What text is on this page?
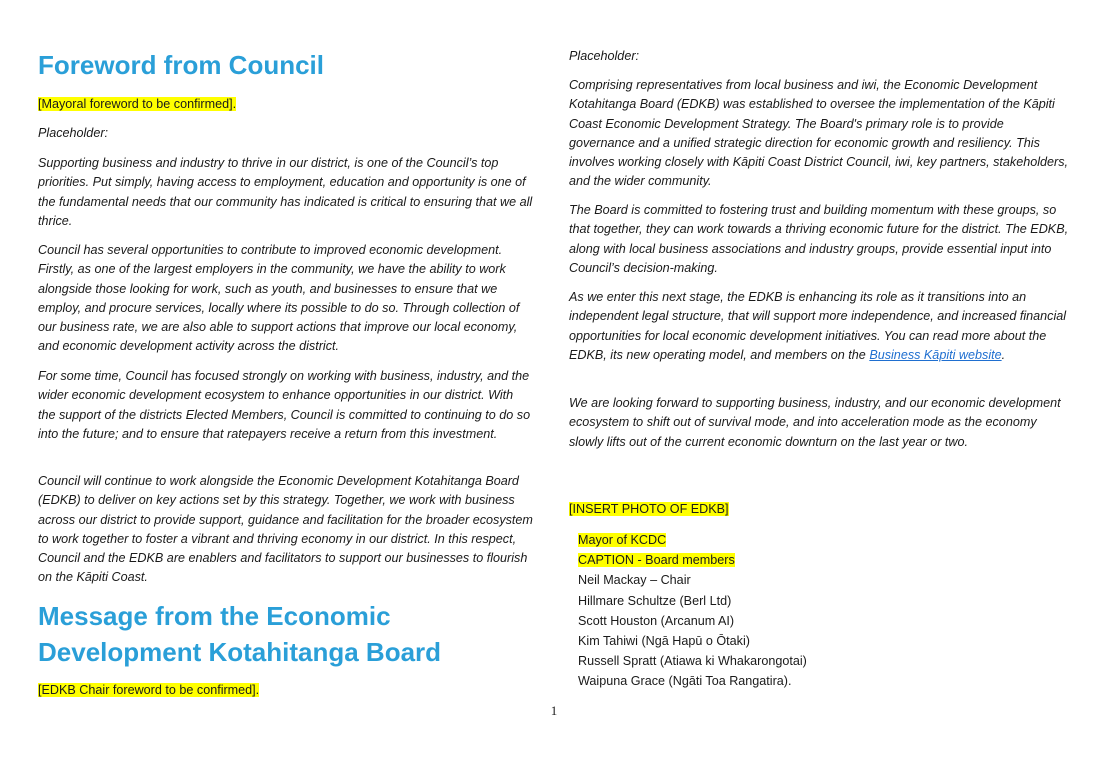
Foreword from Council

[Mayoral foreword to be confirmed].

Placeholder:

Supporting business and industry to thrive in our district, is one of the Council’s top priorities. Put simply, having access to employment, education and opportunity is one of the fundamental needs that our community has indicated is critical to ensuring that we all thrice.

Council has several opportunities to contribute to improved economic development. Firstly, as one of the largest employers in the community, we have the ability to work alongside those looking for work, such as youth, and businesses to ensure that we employ, and procure services, locally where its possible to do so. Through collection of our business rate, we are also able to support actions that improve our local economy, and economic development activity across the district.

For some time, Council has focused strongly on working with business, industry, and the wider economic development ecosystem to enhance opportunities in our district. With the support of the districts Elected Members, Council is committed to continuing to do so into the future; and to ensure that ratepayers receive a return from this investment.

Council will continue to work alongside the Economic Development Kotahitanga Board (EDKB) to deliver on key actions set by this strategy. Together, we work with business across our district to provide support, guidance and facilitation for the broader ecosystem to work together to foster a vibrant and thriving economy in our district. In this respect, Council and the EDKB are enablers and facilitators to support our businesses to flourish on the Kāpiti Coast.

Message from the Economic Development Kotahitanga Board

[EDKB Chair foreword to be confirmed].

Placeholder:

Comprising representatives from local business and iwi, the Economic Development Kotahitanga Board (EDKB) was established to oversee the implementation of the Kāpiti Coast Economic Development Strategy. The Board's primary role is to provide governance and a unified strategic direction for economic growth and resiliency. This involves working closely with Kāpiti Coast District Council, iwi, key partners, stakeholders, and the wider community.

The Board is committed to fostering trust and building momentum with these groups, so that together, they can work towards a thriving economic future for the district. The EDKB, along with local business associations and industry groups, provide essential input into Council’s decision-making.

As we enter this next stage, the EDKB is enhancing its role as it transitions into an independent legal structure, that will support more independence, and increased financial opportunities for local economic development initiatives. You can read more about the EDKB, its new operating model, and members on the Business Kāpiti website.

We are looking forward to supporting business, industry, and our economic development ecosystem to shift out of survival mode, and into acceleration mode as the economy slowly lifts out of the current economic downturn on the last year or two.

[INSERT PHOTO OF EDKB]

Mayor of KCDC
CAPTION - Board members
Neil Mackay – Chair
Hillmare Schultze (Berl Ltd)
Scott Houston (Arcanum AI)
Kim Tahiwi (Ngā Hapū o Ōtaki)
Russell Spratt (Atiawa ki Whakarongotai)
Waipuna Grace (Ngāti Toa Rangatira).
1
